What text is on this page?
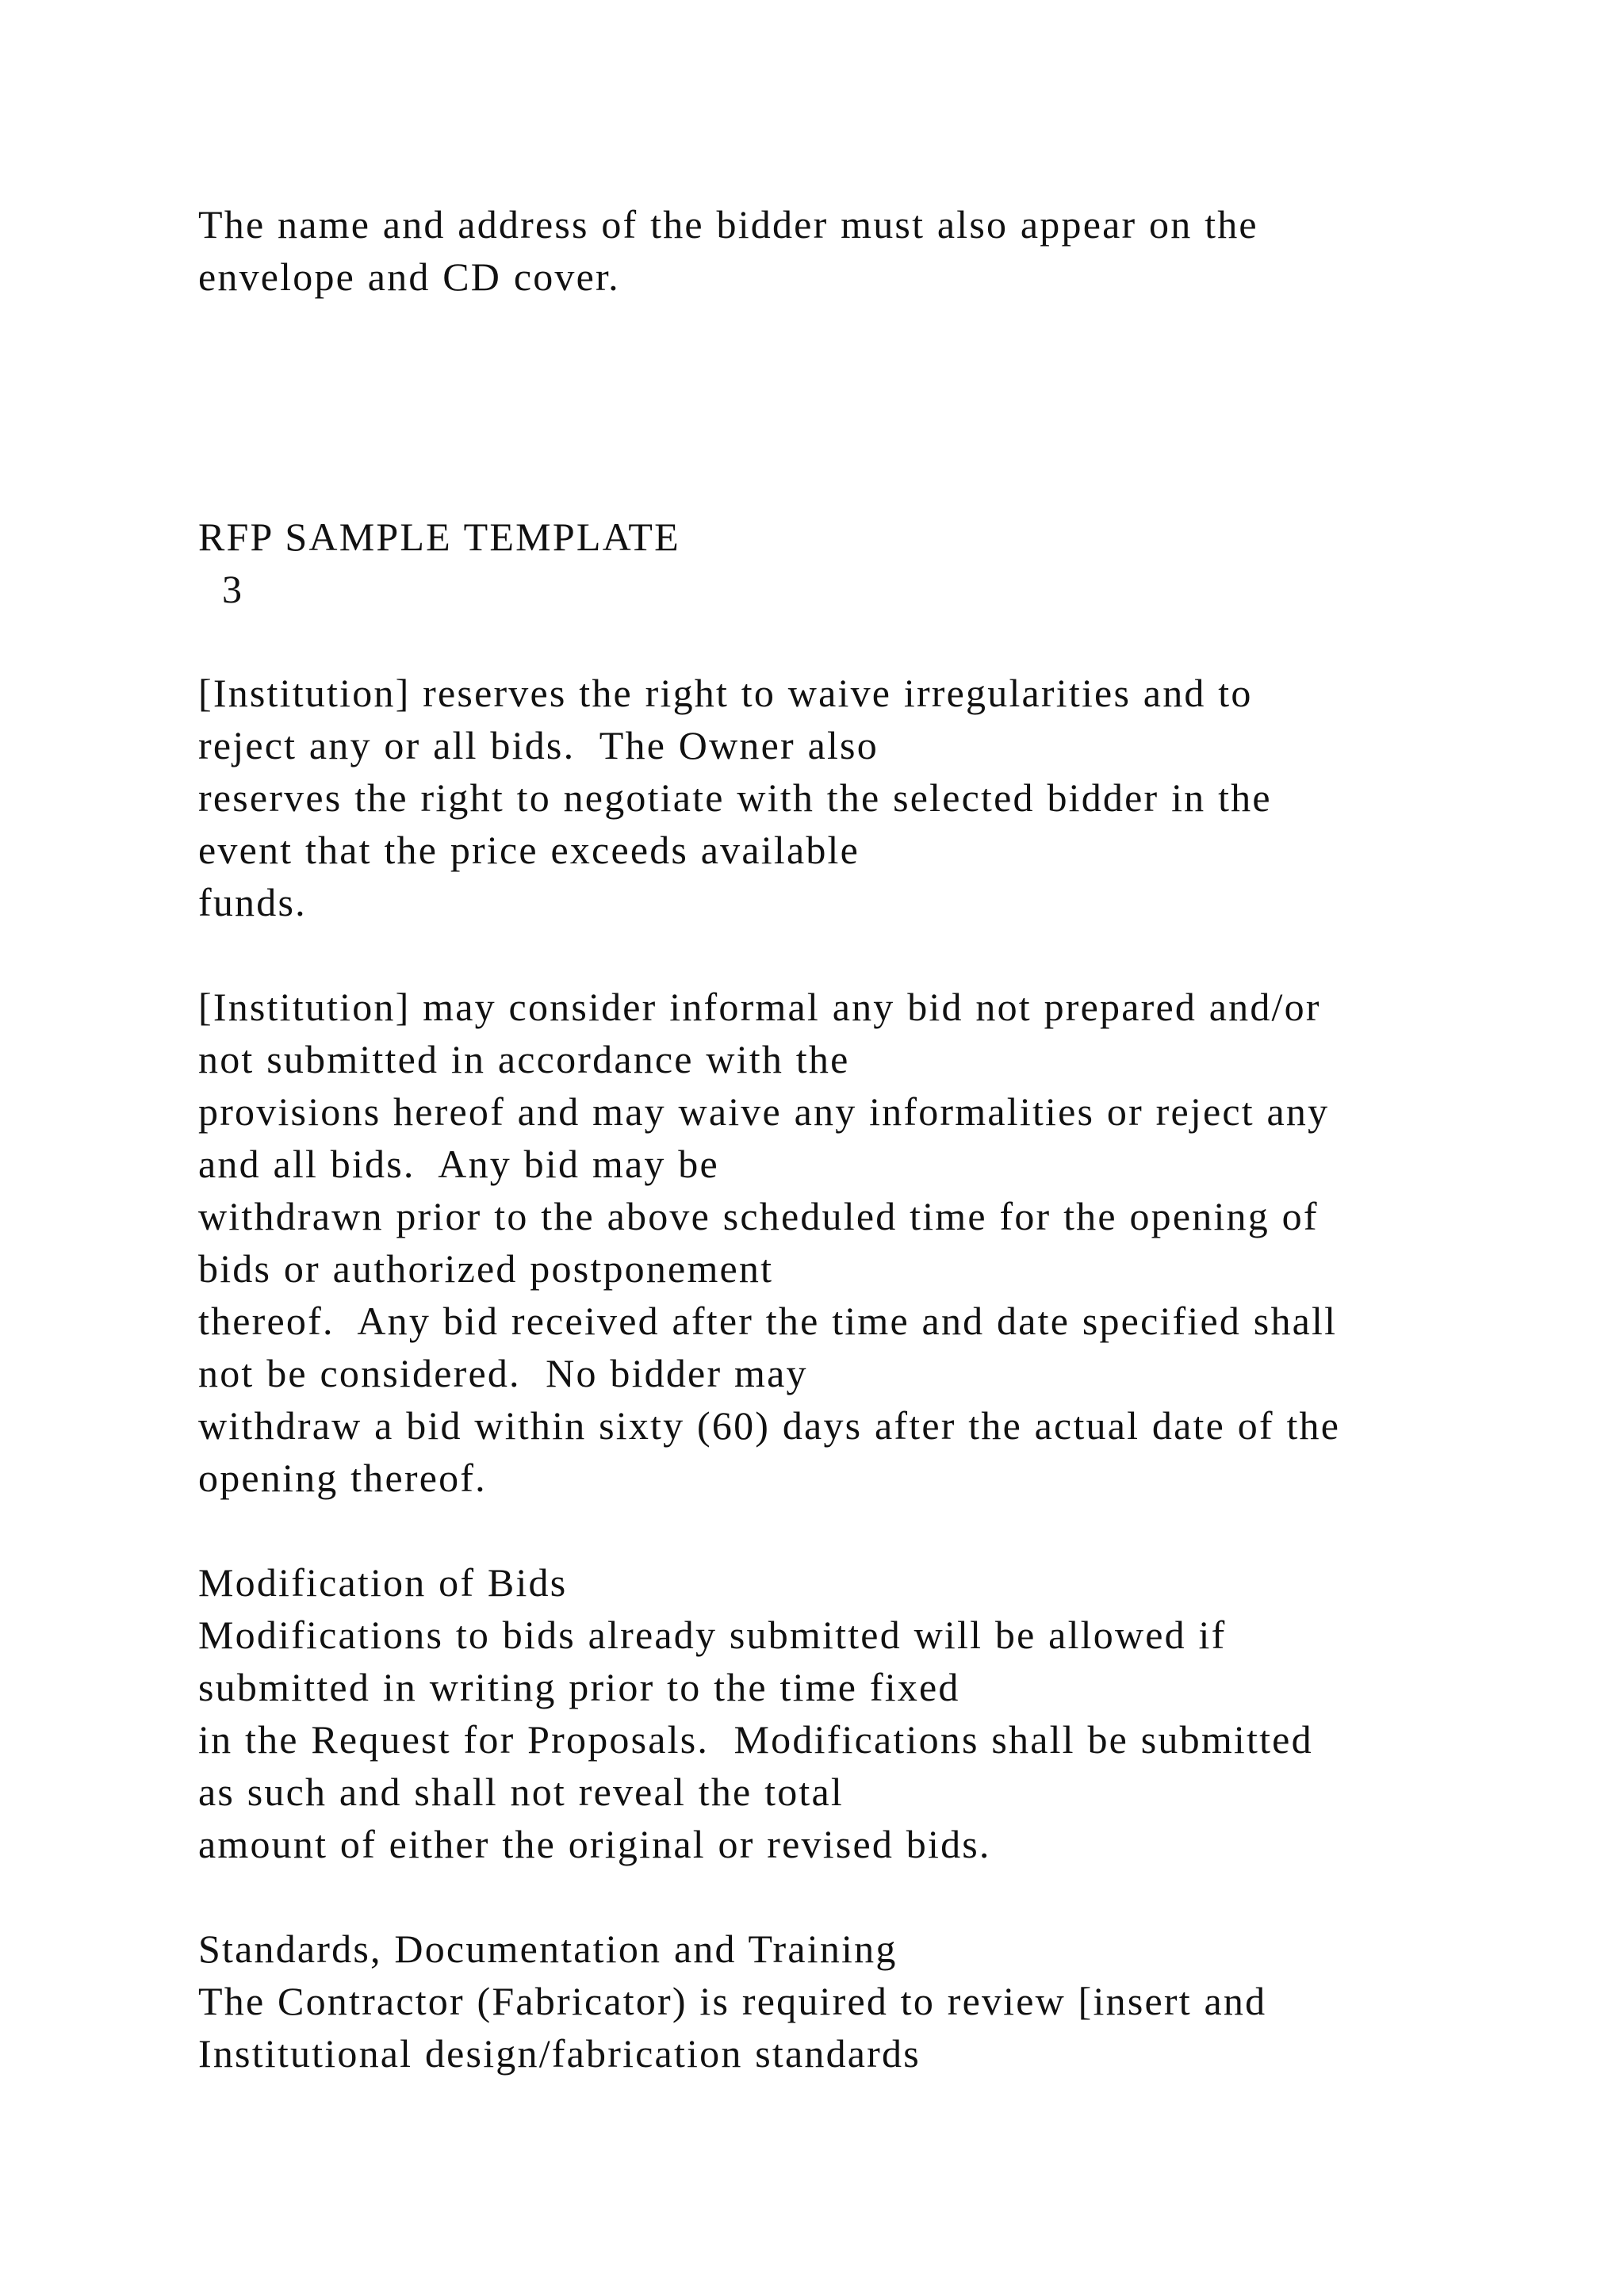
The name and address of the bidder must also appear on the
envelope and CD cover.
RFP SAMPLE TEMPLATE
3
[Institution] reserves the right to waive irregularities and to
reject any or all bids.  The Owner also
reserves the right to negotiate with the selected bidder in the
event that the price exceeds available
funds.
[Institution] may consider informal any bid not prepared and/or
not submitted in accordance with the
provisions hereof and may waive any informalities or reject any
and all bids.  Any bid may be
withdrawn prior to the above scheduled time for the opening of
bids or authorized postponement
thereof.  Any bid received after the time and date specified shall
not be considered.  No bidder may
withdraw a bid within sixty (60) days after the actual date of the
opening thereof.
Modification of Bids
Modifications to bids already submitted will be allowed if
submitted in writing prior to the time fixed
in the Request for Proposals.  Modifications shall be submitted
as such and shall not reveal the total
amount of either the original or revised bids.
Standards, Documentation and Training
The Contractor (Fabricator) is required to review [insert and
Institutional design/fabrication standards
